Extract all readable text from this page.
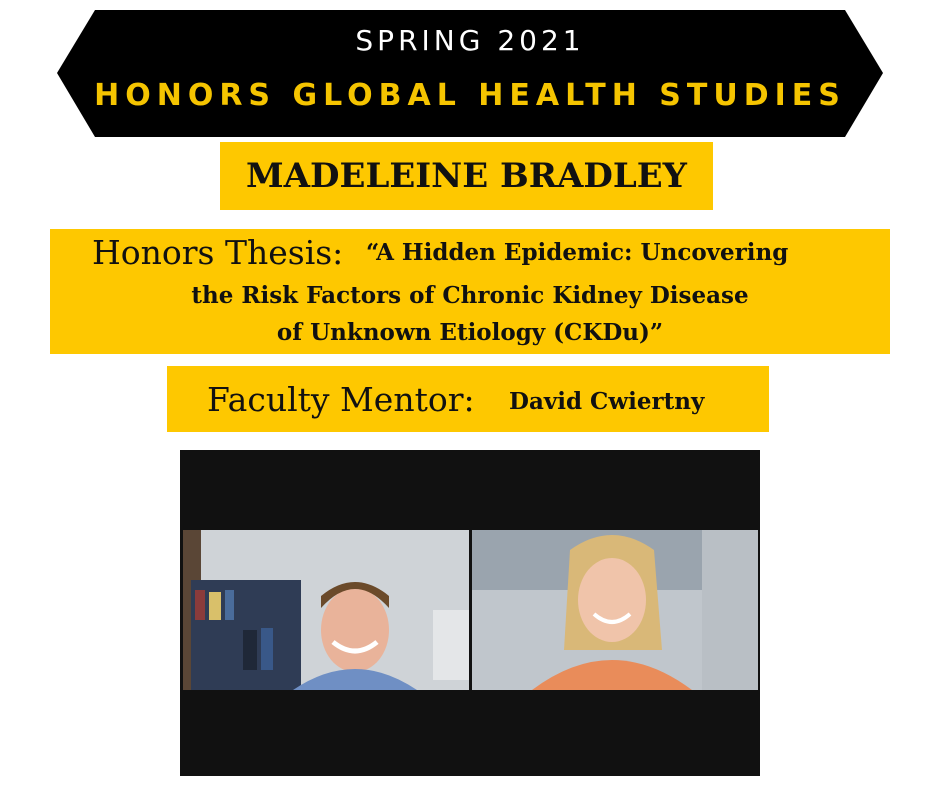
SPRING 2021
HONORS GLOBAL HEALTH STUDIES
MADELEINE BRADLEY
Honors Thesis: “A Hidden Epidemic: Uncovering
the Risk Factors of Chronic Kidney Disease
of Unknown Etiology (CKDu)”
Faculty Mentor: David Cwiertny
